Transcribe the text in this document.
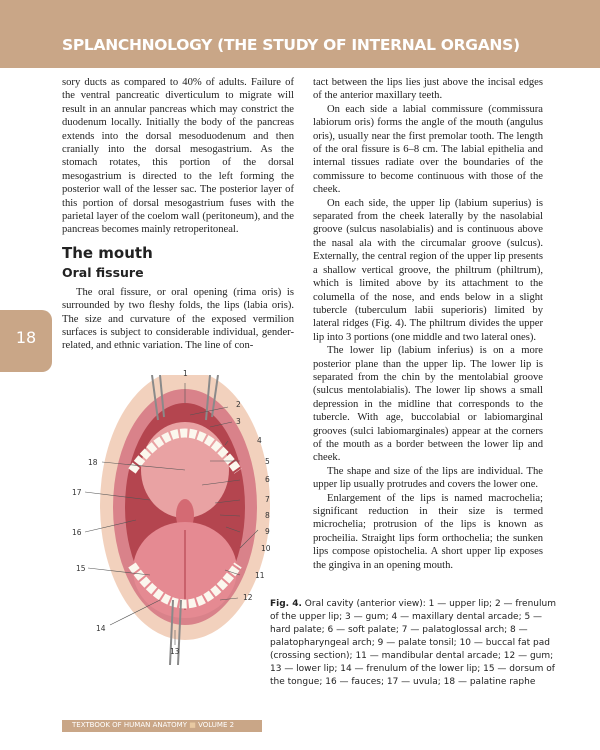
SPLANCHNOLOGY (THE STUDY OF INTERNAL ORGANS)
18

sory ducts as compared to 40% of adults. Failure of the ventral pancreatic diverticulum to migrate will result in an annular pancreas which may constrict the duodenum locally. Initially the body of the pancreas extends into the dorsal mesoduodenum and then cranially into the dorsal mesogastrium. As the stomach rotates, this portion of the dorsal mesogastrium is directed to the left forming the posterior wall of the lesser sac. The posterior layer of this portion of dorsal mesogastrium fuses with the parietal layer of the coelom wall (peritoneum), and the pancreas becomes mainly retroperitoneal.

The mouth

Oral fissure

The oral fissure, or oral opening (rima oris) is surrounded by two fleshy folds, the lips (labia oris). The size and curvature of the exposed vermilion surfaces is subject to considerable individual, gender-related, and ethnic variation. The line of con-

tact between the lips lies just above the incisal edges of the anterior maxillary teeth.

On each side a labial commissure (commissura labiorum oris) forms the angle of the mouth (angulus oris), usually near the first premolar tooth. The length of the oral fissure is 6–8 cm. The labial epithelia and internal tissues radiate over the boundaries of the commissure to become continuous with those of the cheek.

On each side, the upper lip (labium superius) is separated from the cheek laterally by the nasolabial groove (sulcus nasolabialis) and is continuous above the nasal ala with the circumalar groove (sulcus). Externally, the central region of the upper lip presents a shallow vertical groove, the philtrum (philtrum), which is limited above by its attachment to the columella of the nose, and ends below in a slight tubercle (tuberculum labii superioris) limited by lateral ridges (Fig. 4). The philtrum divides the upper lip into 3 portions (one middle and two lateral ones).

The lower lip (labium inferius) is on a more posterior plane than the upper lip. The lower lip is separated from the chin by the mentolabial groove (sulcus mentolabialis). The lower lip shows a small depression in the midline that corresponds to the tubercle. With age, buccolabial or labiomarginal grooves (sulci labiomarginales) appear at the corners of the mouth as a border between the lower lip and cheek.

The shape and size of the lips are individual. The upper lip usually protrudes and covers the lower one.

Enlargement of the lips is named macrochelia; significant reduction in their size is termed microchelia; protrusion of the lips is known as procheilia. Straight lips form orthochelia; the sunken lips compose opistochelia. A short upper lip exposes the gingiva in an opening mouth.

1
2
3
4
5
6
7
8
9
10
11
12
13
14
15
16
17
18
Fig. 4. Oral cavity (anterior view): 1 — upper lip; 2 — frenulum of the upper lip; 3 — gum; 4 — maxillary dental arcade; 5 — hard palate; 6 — soft palate; 7 — palatoglossal arch; 8 — palatopharyngeal arch; 9 — palate tonsil; 10 — buccal fat pad (crossing section); 11 — mandibular dental arcade; 12 — gum; 13 — lower lip; 14 — frenulum of the lower lip; 15 — dorsum of the tongue; 16 — fauces; 17 — uvula; 18 — palatine raphe
TEXTBOOK OF HUMAN ANATOMY ■ VOLUME 2
